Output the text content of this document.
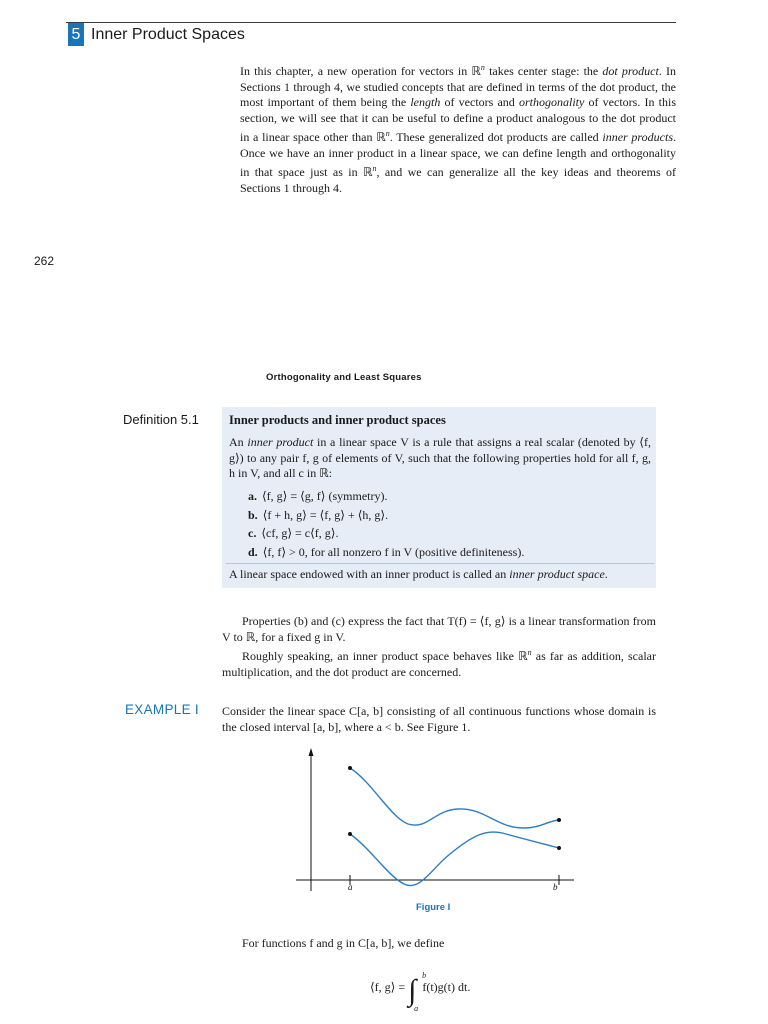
5 Inner Product Spaces
In this chapter, a new operation for vectors in ℝ$^n$ takes center stage: the dot product. In Sections 1 through 4, we studied concepts that are defined in terms of the dot product, the most important of them being the length of vectors and orthogonality of vectors. In this section, we will see that it can be useful to define a product analogous to the dot product in a linear space other than ℝ$^n$. These generalized dot products are called inner products. Once we have an inner product in a linear space, we can define length and orthogonality in that space just as in ℝ$^n$, and we can generalize all the key ideas and theorems of Sections 1 through 4.
262
Orthogonality and Least Squares
Definition 5.1 Inner products and inner product spaces
An inner product in a linear space V is a rule that assigns a real scalar (denoted by ⟨f, g⟩) to any pair f, g of elements of V, such that the following properties hold for all f, g, h in V, and all c in ℝ:
a. ⟨f, g⟩ = ⟨g, f⟩ (symmetry).
b. ⟨f + h, g⟩ = ⟨f, g⟩ + ⟨h, g⟩.
c. ⟨cf, g⟩ = c⟨f, g⟩.
d. ⟨f, f⟩ > 0, for all nonzero f in V (positive definiteness).
A linear space endowed with an inner product is called an inner product space.
Properties (b) and (c) express the fact that T(f) = ⟨f, g⟩ is a linear transformation from V to ℝ, for a fixed g in V.
Roughly speaking, an inner product space behaves like ℝ$^n$ as far as addition, scalar multiplication, and the dot product are concerned.
EXAMPLE I Consider the linear space C[a, b] consisting of all continuous functions whose domain is the closed interval [a, b], where a < b. See Figure 1.
a	b
Figure I
For functions f and g in C[a, b], we define
⟨f, g⟩ = ∫ b
a
f(t)g(t) dt.
